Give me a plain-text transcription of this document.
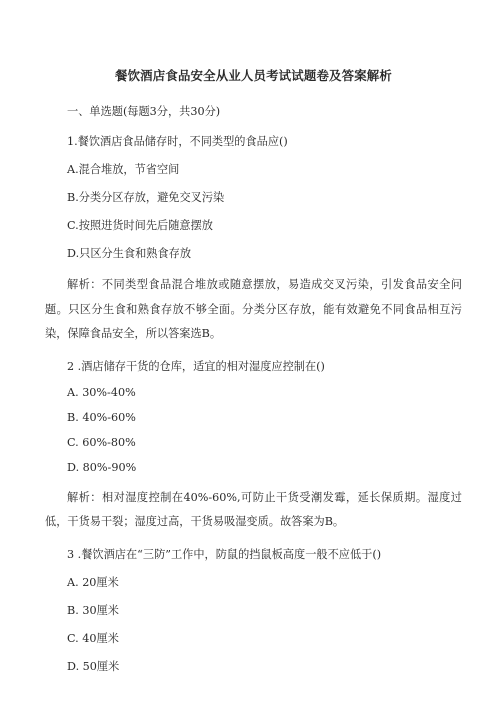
餐饮酒店食品安全从业人员考试试题卷及答案解析
一、单选题(每题3分，共30分)
1.餐饮酒店食品储存时，不同类型的食品应()
A.混合堆放，节省空间
B.分类分区存放，避免交叉污染
C.按照进货时间先后随意摆放
D.只区分生食和熟食存放
解析：不同类型食品混合堆放或随意摆放，易造成交叉污染，引发食品安全问题。只区分生食和熟食存放不够全面。分类分区存放，能有效避免不同食品相互污染，保障食品安全，所以答案选B。
2 .酒店储存干货的仓库，适宜的相对湿度应控制在()
A. 30%-40%
B. 40%-60%
C. 60%-80%
D. 80%-90%
解析：相对湿度控制在40%-60%,可防止干货受潮发霉，延长保质期。湿度过低，干货易干裂；湿度过高，干货易吸湿变质。故答案为B。
3 .餐饮酒店在“三防”工作中，防鼠的挡鼠板高度一般不应低于()
A. 20厘米
B. 30厘米
C. 40厘米
D. 50厘米
